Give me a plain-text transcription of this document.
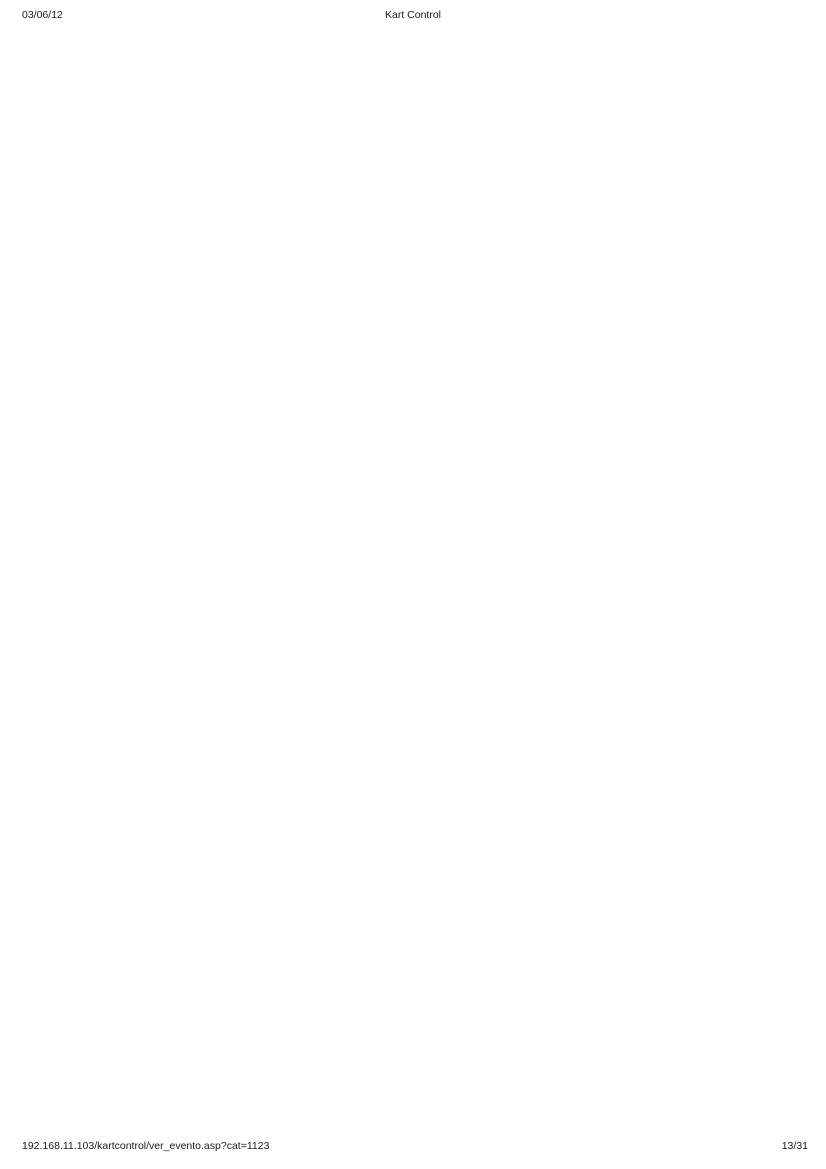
03/06/12	Kart Control
192.168.11.103/kartcontrol/ver_evento.asp?cat=1123	13/31
